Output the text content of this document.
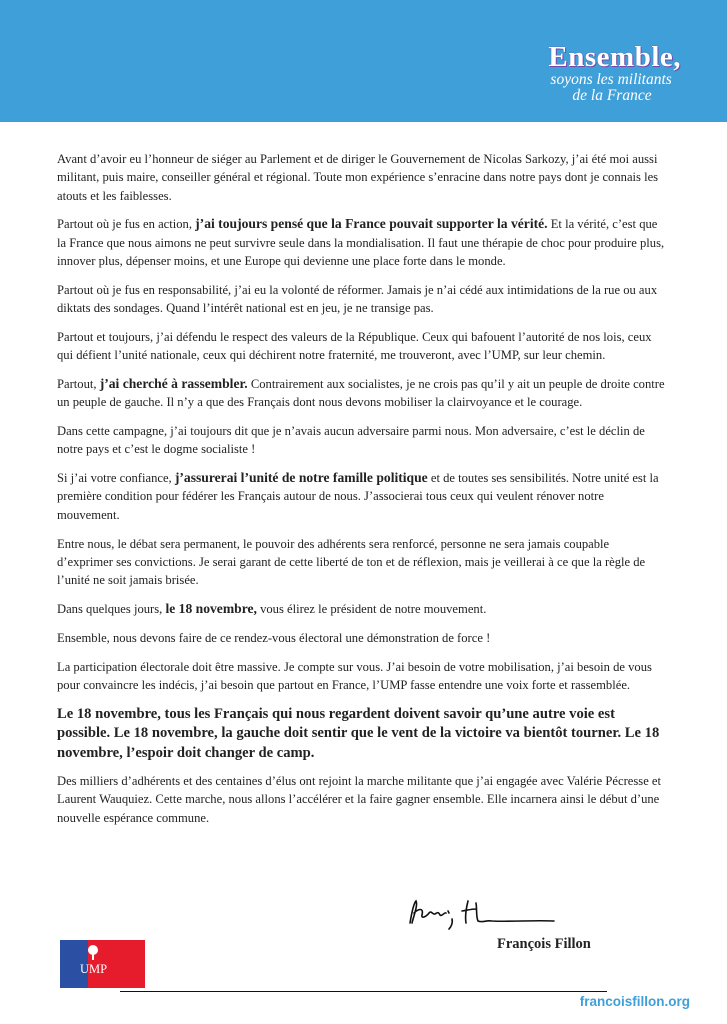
Ensemble,
soyons les militants
de la France

Avant d’avoir eu l’honneur de siéger au Parlement et de diriger le Gouvernement de Nicolas Sarkozy, j’ai été moi aussi militant, puis maire, conseiller général et régional. Toute mon expérience s’enracine dans notre pays dont je connais les atouts et les faiblesses.

Partout où je fus en action, j’ai toujours pensé que la France pouvait supporter la vérité. Et la vérité, c’est que la France que nous aimons ne peut survivre seule dans la mondialisation. Il faut une thérapie de choc pour produire plus, innover plus, dépenser moins, et une Europe qui devienne une place forte dans le monde.

Partout où je fus en responsabilité, j’ai eu la volonté de réformer. Jamais je n’ai cédé aux intimidations de la rue ou aux diktats des sondages. Quand l’intérêt national est en jeu, je ne transige pas.

Partout et toujours, j’ai défendu le respect des valeurs de la République. Ceux qui bafouent l’autorité de nos lois, ceux qui défient l’unité nationale, ceux qui déchirent notre fraternité, me trouveront, avec l’UMP, sur leur chemin.

Partout, j’ai cherché à rassembler. Contrairement aux socialistes, je ne crois pas qu’il y ait un peuple de droite contre un peuple de gauche. Il n’y a que des Français dont nous devons mobiliser la clairvoyance et le courage.

Dans cette campagne, j’ai toujours dit que je n’avais aucun adversaire parmi nous. Mon adversaire, c’est le déclin de notre pays et c’est le dogme socialiste !

Si j’ai votre confiance, j’assurerai l’unité de notre famille politique et de toutes ses sensibilités. Notre unité est la première condition pour fédérer les Français autour de nous. J’associerai tous ceux qui veulent rénover notre mouvement.

Entre nous, le débat sera permanent, le pouvoir des adhérents sera renforcé, personne ne sera jamais coupable d’exprimer ses convictions. Je serai garant de cette liberté de ton et de réflexion, mais je veillerai à ce que la règle de l’unité ne soit jamais brisée.

Dans quelques jours, le 18 novembre, vous élirez le président de notre mouvement.

Ensemble, nous devons faire de ce rendez-vous électoral une démonstration de force !

La participation électorale doit être massive. Je compte sur vous. J’ai besoin de votre mobilisation, j’ai besoin de vous pour convaincre les indécis, j’ai besoin que partout en France, l’UMP fasse entendre une voix forte et rassemblée.

Le 18 novembre, tous les Français qui nous regardent doivent savoir qu’une autre voie est possible. Le 18 novembre, la gauche doit sentir que le vent de la victoire va bientôt tourner. Le 18 novembre, l’espoir doit changer de camp.

Des milliers d’adhérents et des centaines d’élus ont rejoint la marche militante que j’ai engagée avec Valérie Pécresse et Laurent Wauquiez. Cette marche, nous allons l’accélérer et la faire gagner ensemble. Elle incarnera ainsi le début d’une nouvelle espérance commune.

François Fillon
UMP
francoisfillon.org
